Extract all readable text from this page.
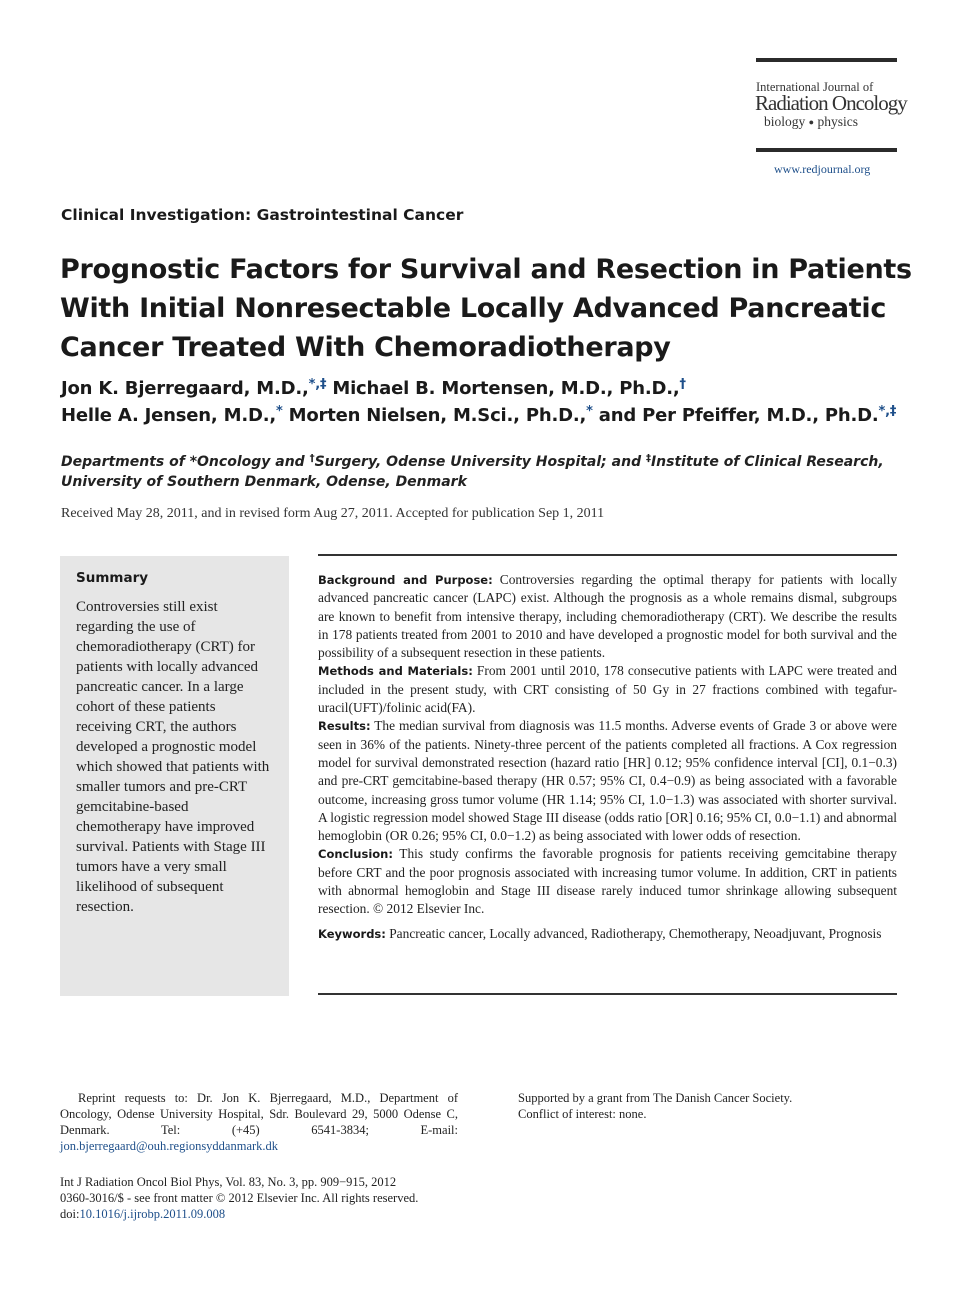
International Journal of
Radiation Oncology
biology ● physics
www.redjournal.org
Clinical Investigation: Gastrointestinal Cancer
Prognostic Factors for Survival and Resection in Patients With Initial Nonresectable Locally Advanced Pancreatic Cancer Treated With Chemoradiotherapy
Jon K. Bjerregaard, M.D.,*,‡ Michael B. Mortensen, M.D., Ph.D.,†
Helle A. Jensen, M.D.,* Morten Nielsen, M.Sci., Ph.D.,* and Per Pfeiffer, M.D., Ph.D.*,‡
Departments of *Oncology and †Surgery, Odense University Hospital; and ‡Institute of Clinical Research, University of Southern Denmark, Odense, Denmark
Received May 28, 2011, and in revised form Aug 27, 2011. Accepted for publication Sep 1, 2011
Summary
Controversies still exist regarding the use of chemoradiotherapy (CRT) for patients with locally advanced pancreatic cancer. In a large cohort of these patients receiving CRT, the authors developed a prognostic model which showed that patients with smaller tumors and pre-CRT gemcitabine-based chemotherapy have improved survival. Patients with Stage III tumors have a very small likelihood of subsequent resection.

Background and Purpose: Controversies regarding the optimal therapy for patients with locally advanced pancreatic cancer (LAPC) exist. Although the prognosis as a whole remains dismal, subgroups are known to benefit from intensive therapy, including chemoradiotherapy (CRT). We describe the results in 178 patients treated from 2001 to 2010 and have developed a prognostic model for both survival and the possibility of a subsequent resection in these patients.

Methods and Materials: From 2001 until 2010, 178 consecutive patients with LAPC were treated and included in the present study, with CRT consisting of 50 Gy in 27 fractions combined with tegafur-uracil(UFT)/folinic acid(FA).

Results: The median survival from diagnosis was 11.5 months. Adverse events of Grade 3 or above were seen in 36% of the patients. Ninety-three percent of the patients completed all fractions. A Cox regression model for survival demonstrated resection (hazard ratio [HR] 0.12; 95% confidence interval [CI], 0.1−0.3) and pre-CRT gemcitabine-based therapy (HR 0.57; 95% CI, 0.4−0.9) as being associated with a favorable outcome, increasing gross tumor volume (HR 1.14; 95% CI, 1.0−1.3) was associated with shorter survival. A logistic regression model showed Stage III disease (odds ratio [OR] 0.16; 95% CI, 0.0−1.1) and abnormal hemoglobin (OR 0.26; 95% CI, 0.0−1.2) as being associated with lower odds of resection.

Conclusion: This study confirms the favorable prognosis for patients receiving gemcitabine therapy before CRT and the poor prognosis associated with increasing tumor volume. In addition, CRT in patients with abnormal hemoglobin and Stage III disease rarely induced tumor shrinkage allowing subsequent resection. © 2012 Elsevier Inc.

Keywords: Pancreatic cancer, Locally advanced, Radiotherapy, Chemotherapy, Neoadjuvant, Prognosis

Reprint requests to: Dr. Jon K. Bjerregaard, M.D., Department of Oncology, Odense University Hospital, Sdr. Boulevard 29, 5000 Odense C, Denmark. Tel: (+45) 6541-3834; E-mail: jon.bjerregaard@ouh.regionsyddanmark.dk
Supported by a grant from The Danish Cancer Society.
Conflict of interest: none.
Int J Radiation Oncol Biol Phys, Vol. 83, No. 3, pp. 909−915, 2012
0360-3016/$ - see front matter © 2012 Elsevier Inc. All rights reserved.
doi:10.1016/j.ijrobp.2011.09.008
